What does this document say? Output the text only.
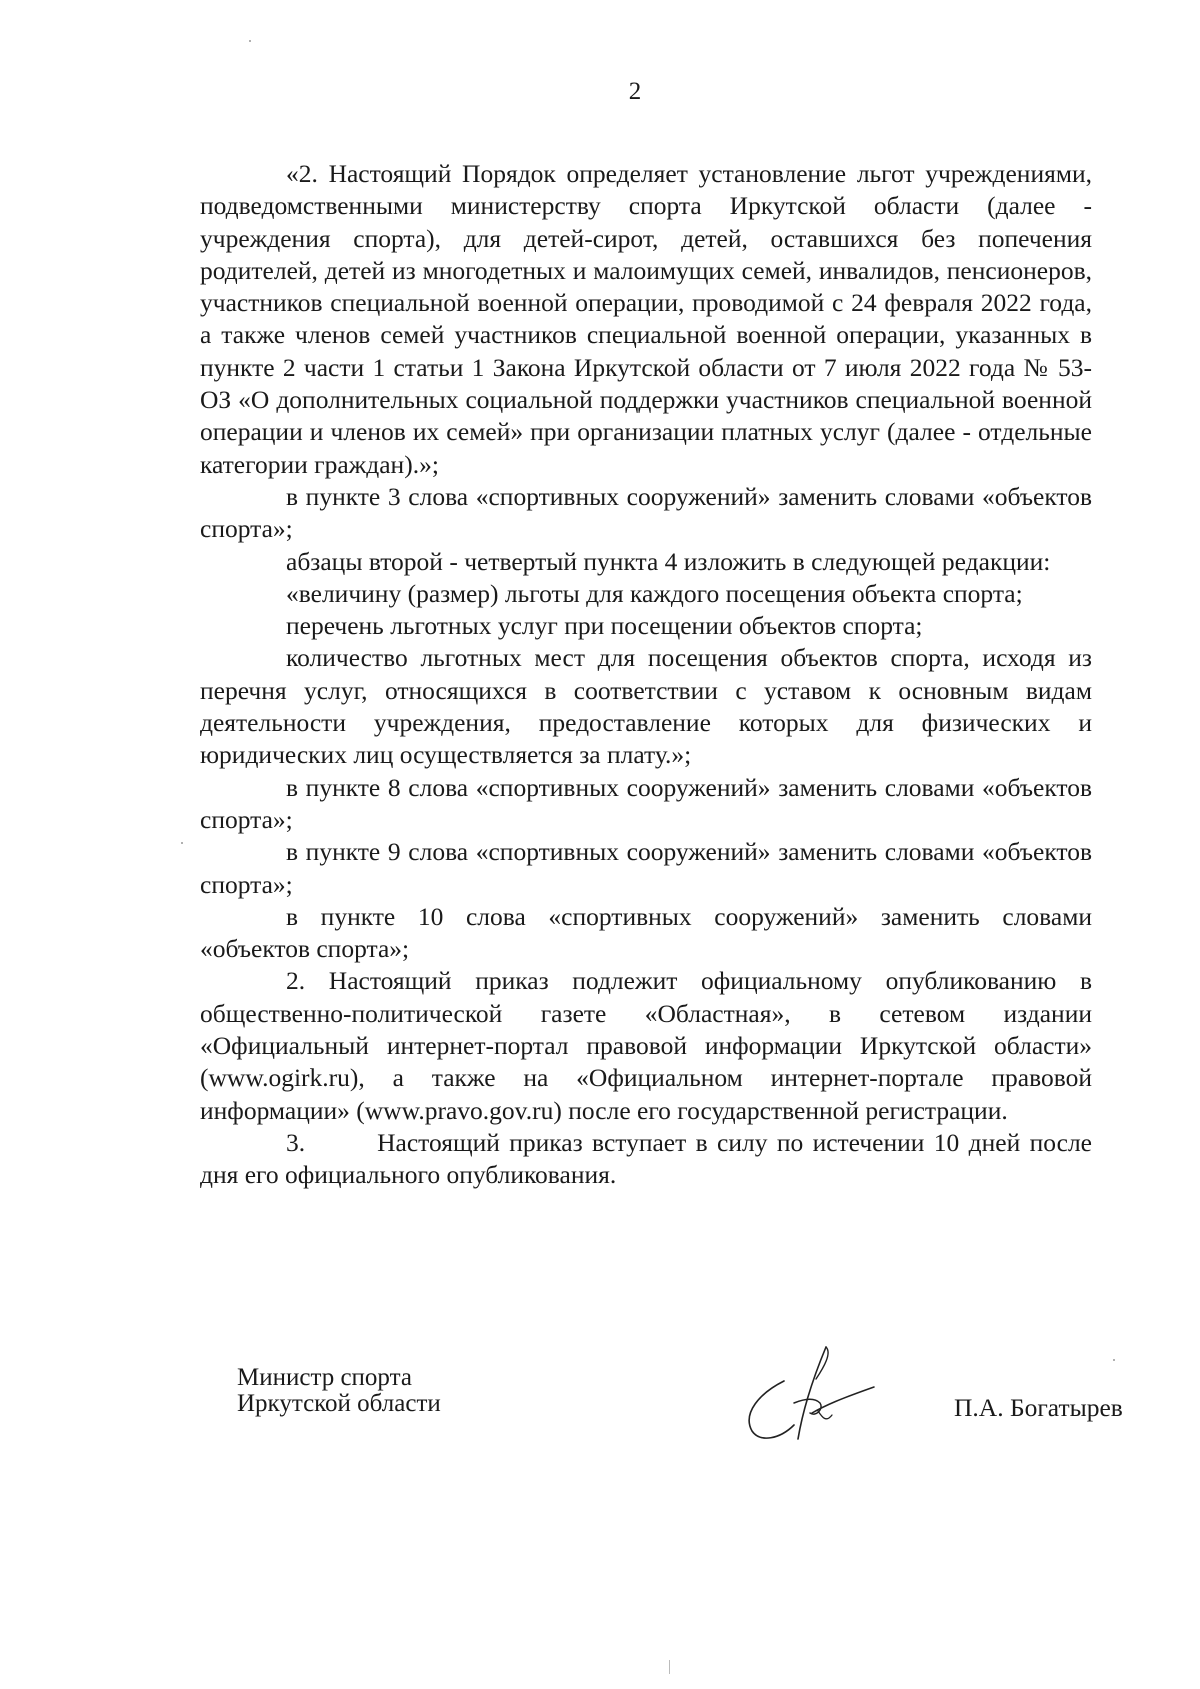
2

«2. Настоящий Порядок определяет установление льгот учреждениями, подведомственными министерству спорта Иркутской области (далее - учреждения спорта), для детей-сирот, детей, оставшихся без попечения родителей, детей из многодетных и малоимущих семей, инвалидов, пенсионеров, участников специальной военной операции, проводимой с 24 февраля 2022 года, а также членов семей участников специальной военной операции, указанных в пункте 2 части 1 статьи 1 Закона Иркутской области от 7 июля 2022 года № 53-ОЗ «О дополнительных социальной поддержки участников специальной военной операции и членов их семей» при организации платных услуг (далее - отдельные категории граждан).»;

в пункте 3 слова «спортивных сооружений» заменить словами «объектов спорта»;

абзацы второй - четвертый пункта 4 изложить в следующей редакции:

«величину (размер) льготы для каждого посещения объекта спорта;

перечень льготных услуг при посещении объектов спорта;

количество льготных мест для посещения объектов спорта, исходя из перечня услуг, относящихся в соответствии с уставом к основным видам деятельности учреждения, предоставление которых для физических и юридических лиц осуществляется за плату.»;

в пункте 8 слова «спортивных сооружений» заменить словами «объектов спорта»;

в пункте 9 слова «спортивных сооружений» заменить словами «объектов спорта»;

в пункте 10 слова «спортивных сооружений» заменить словами «объектов спорта»;

2. Настоящий приказ подлежит официальному опубликованию в общественно-политической газете «Областная», в сетевом издании «Официальный интернет-портал правовой информации Иркутской области» (www.ogirk.ru), а также на «Официальном интернет-портале правовой информации» (www.pravo.gov.ru) после его государственной регистрации.

3.	Настоящий приказ вступает в силу по истечении 10 дней после дня его официального опубликования.

Министр спорта
Иркутской области	П.А. Богатырев
